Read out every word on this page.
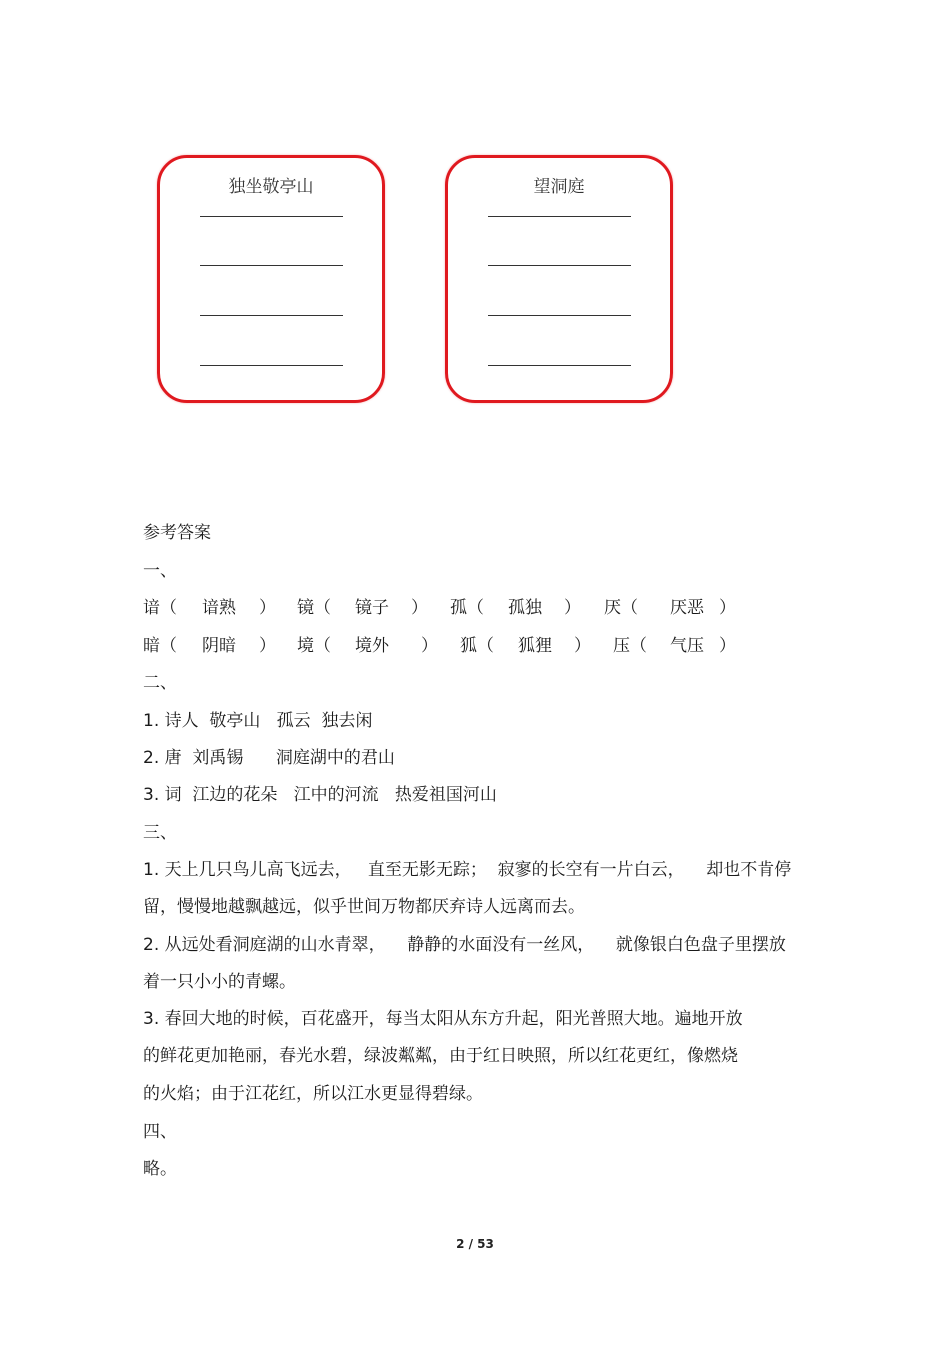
独坐敬亭山	望洞庭
参考答案
一、
谙（ 谙熟 ） 镜（ 镜子 ） 孤（ 孤独 ） 厌（ 厌恶 ）
暗（ 阴暗 ） 境（ 境外 ） 狐（ 狐狸 ） 压（ 气压 ）
二、
1. 诗人  敬亭山   孤云  独去闲
2. 唐  刘禹锡      洞庭湖中的君山
3. 词  江边的花朵   江中的河流   热爱祖国河山
三、
1. 天上几只鸟儿高飞远去，   直至无影无踪；  寂寥的长空有一片白云，    却也不肯停
留，慢慢地越飘越远，似乎世间万物都厌弃诗人远离而去。
2. 从远处看洞庭湖的山水青翠，    静静的水面没有一丝风，    就像银白色盘子里摆放
着一只小小的青螺。
3. 春回大地的时候，百花盛开，每当太阳从东方升起，阳光普照大地。遍地开放
的鲜花更加艳丽，春光水碧，绿波粼粼，由于红日映照，所以红花更红，像燃烧
的火焰；由于江花红，所以江水更显得碧绿。
四、
略。
2 / 53
